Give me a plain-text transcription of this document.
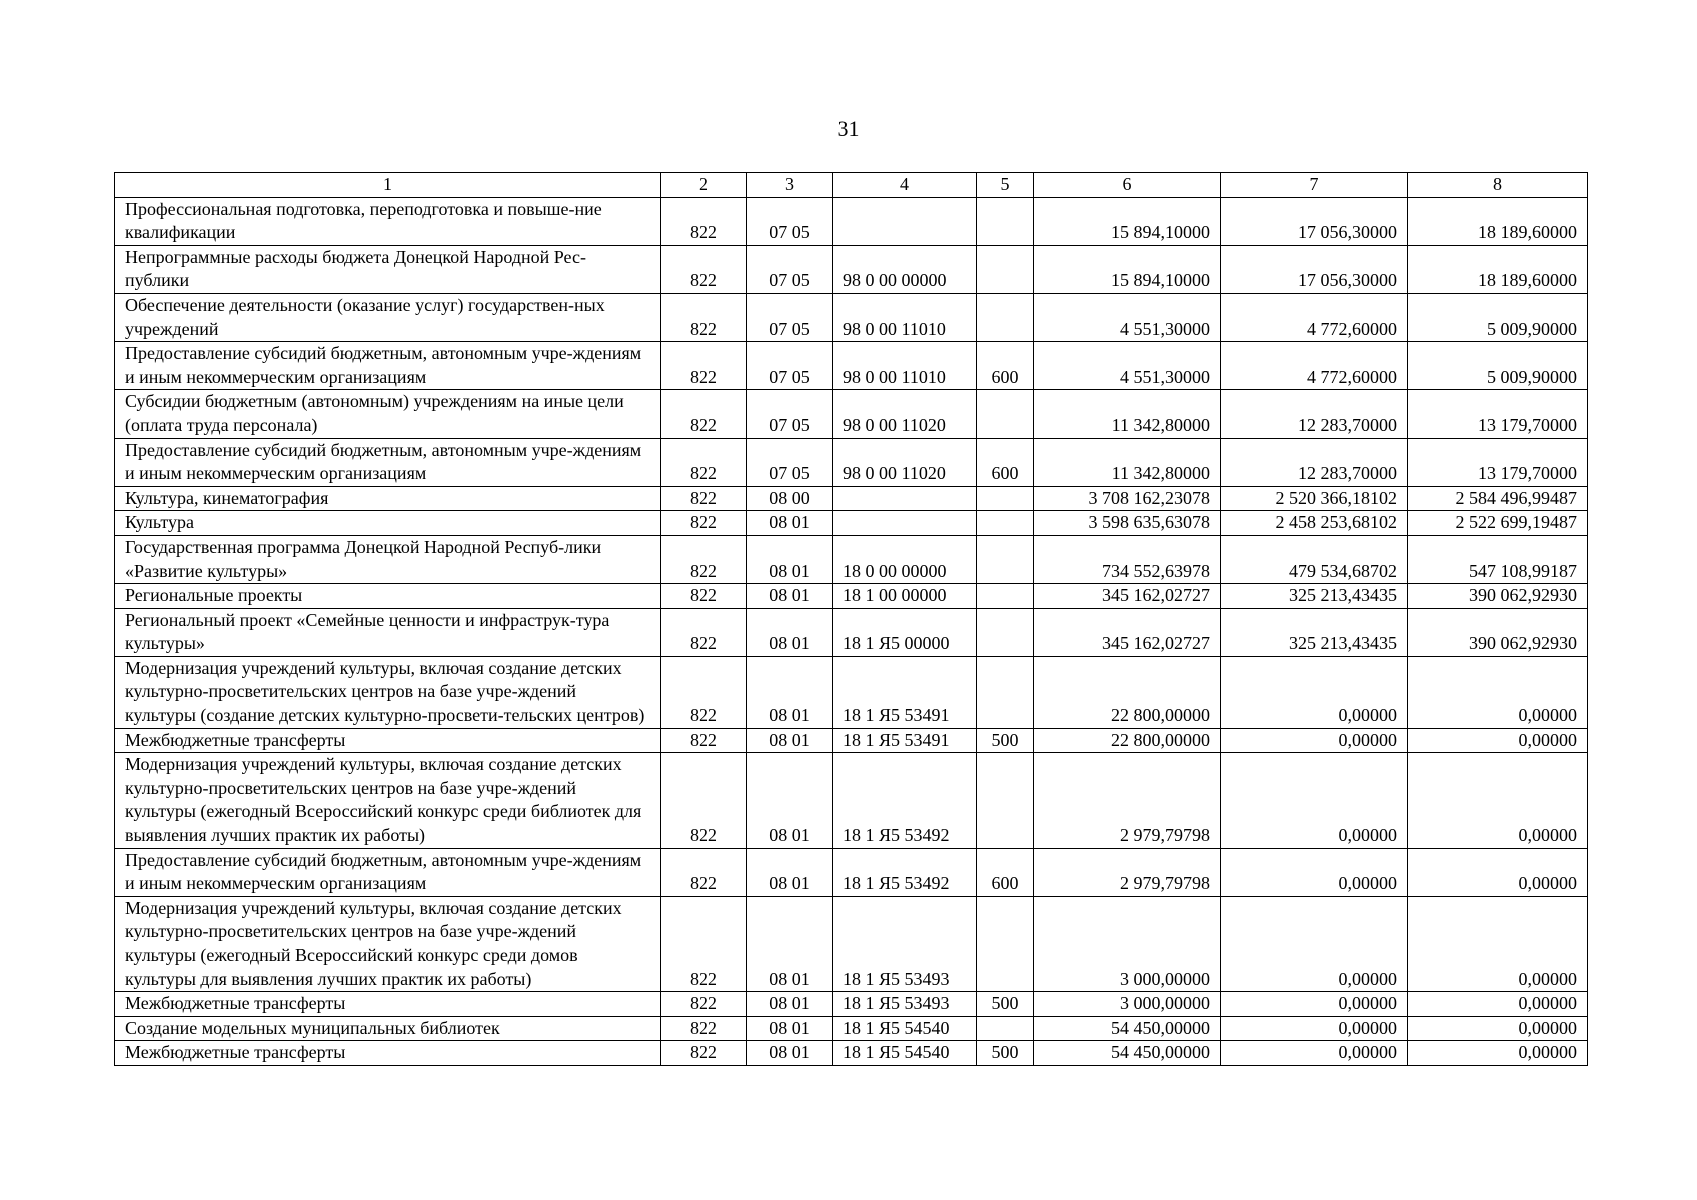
31
1	2	3	4	5	6	7	8
Профессиональная подготовка, переподготовка и повыше-ние квалификации	822	07 05			15 894,10000	17 056,30000	18 189,60000
Непрограммные расходы бюджета Донецкой Народной Рес-публики	822	07 05	98 0 00 00000		15 894,10000	17 056,30000	18 189,60000
Обеспечение деятельности (оказание услуг) государствен-ных учреждений	822	07 05	98 0 00 11010		4 551,30000	4 772,60000	5 009,90000
Предоставление субсидий бюджетным, автономным учре-ждениям и иным некоммерческим организациям	822	07 05	98 0 00 11010	600	4 551,30000	4 772,60000	5 009,90000
Субсидии бюджетным (автономным) учреждениям на иные цели (оплата труда персонала)	822	07 05	98 0 00 11020		11 342,80000	12 283,70000	13 179,70000
Предоставление субсидий бюджетным, автономным учре-ждениям и иным некоммерческим организациям	822	07 05	98 0 00 11020	600	11 342,80000	12 283,70000	13 179,70000
Культура, кинематография	822	08 00			3 708 162,23078	2 520 366,18102	2 584 496,99487
Культура	822	08 01			3 598 635,63078	2 458 253,68102	2 522 699,19487
Государственная программа Донецкой Народной Респуб-лики «Развитие культуры»	822	08 01	18 0 00 00000		734 552,63978	479 534,68702	547 108,99187
Региональные проекты	822	08 01	18 1 00 00000		345 162,02727	325 213,43435	390 062,92930
Региональный проект «Семейные ценности и инфраструк-тура культуры»	822	08 01	18 1 Я5 00000		345 162,02727	325 213,43435	390 062,92930
Модернизация учреждений культуры, включая создание детских культурно-просветительских центров на базе учре-ждений культуры (создание детских культурно-просвети-тельских центров)	822	08 01	18 1 Я5 53491		22 800,00000	0,00000	0,00000
Межбюджетные трансферты	822	08 01	18 1 Я5 53491	500	22 800,00000	0,00000	0,00000
Модернизация учреждений культуры, включая создание детских культурно-просветительских центров на базе учре-ждений культуры (ежегодный Всероссийский конкурс среди библиотек для выявления лучших практик их работы)	822	08 01	18 1 Я5 53492		2 979,79798	0,00000	0,00000
Предоставление субсидий бюджетным, автономным учре-ждениям и иным некоммерческим организациям	822	08 01	18 1 Я5 53492	600	2 979,79798	0,00000	0,00000
Модернизация учреждений культуры, включая создание детских культурно-просветительских центров на базе учре-ждений культуры (ежегодный Всероссийский конкурс среди домов культуры для выявления лучших практик их работы)	822	08 01	18 1 Я5 53493		3 000,00000	0,00000	0,00000
Межбюджетные трансферты	822	08 01	18 1 Я5 53493	500	3 000,00000	0,00000	0,00000
Создание модельных муниципальных библиотек	822	08 01	18 1 Я5 54540		54 450,00000	0,00000	0,00000
Межбюджетные трансферты	822	08 01	18 1 Я5 54540	500	54 450,00000	0,00000	0,00000
